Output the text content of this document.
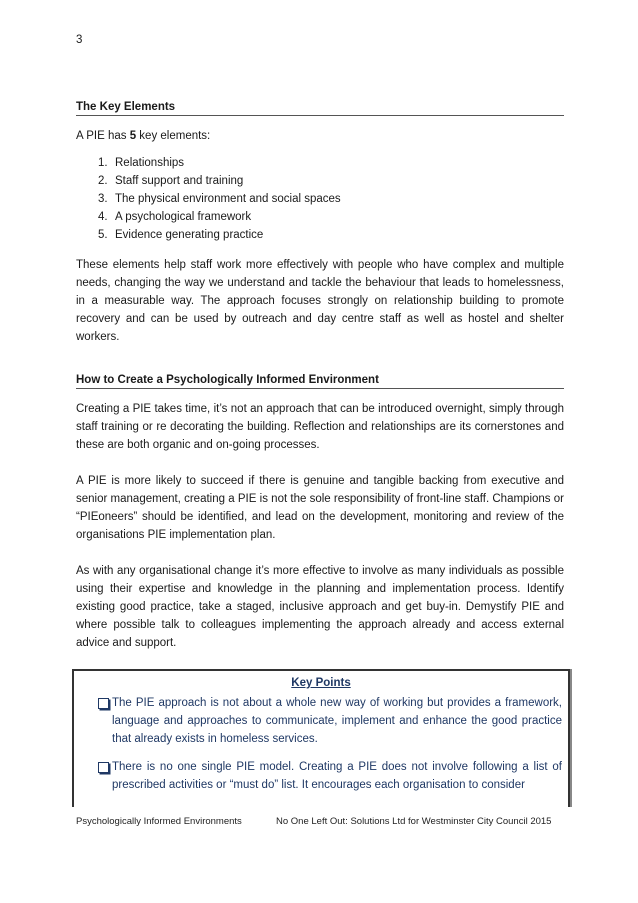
3
The Key Elements

A PIE has 5 key elements:

1. Relationships
2. Staff support and training
3. The physical environment and social spaces
4. A psychological framework
5. Evidence generating practice

These elements help staff work more effectively with people who have complex and multiple needs, changing the way we understand and tackle the behaviour that leads to homelessness, in a measurable way. The approach focuses strongly on relationship building to promote recovery and can be used by outreach and day centre staff as well as hostel and shelter workers.

How to Create a Psychologically Informed Environment

Creating a PIE takes time, it’s not an approach that can be introduced overnight, simply through staff training or re decorating the building. Reflection and relationships are its cornerstones and these are both organic and on-going processes.

A PIE is more likely to succeed if there is genuine and tangible backing from executive and senior management, creating a PIE is not the sole responsibility of front-line staff. Champions or “PIEoneers” should be identified, and lead on the development, monitoring and review of the organisations PIE implementation plan.

As with any organisational change it’s more effective to involve as many individuals as possible using their expertise and knowledge in the planning and implementation process. Identify existing good practice, take a staged, inclusive approach and get buy-in. Demystify PIE and where possible talk to colleagues implementing the approach already and access external advice and support.

Key Points
The PIE approach is not about a whole new way of working but provides a framework, language and approaches to communicate, implement and enhance the good practice that already exists in homeless services.
There is no one single PIE model. Creating a PIE does not involve following a list of prescribed activities or “must do” list. It encourages each organisation to consider
Psychologically Informed Environments	No One Left Out: Solutions Ltd for Westminster City Council 2015
